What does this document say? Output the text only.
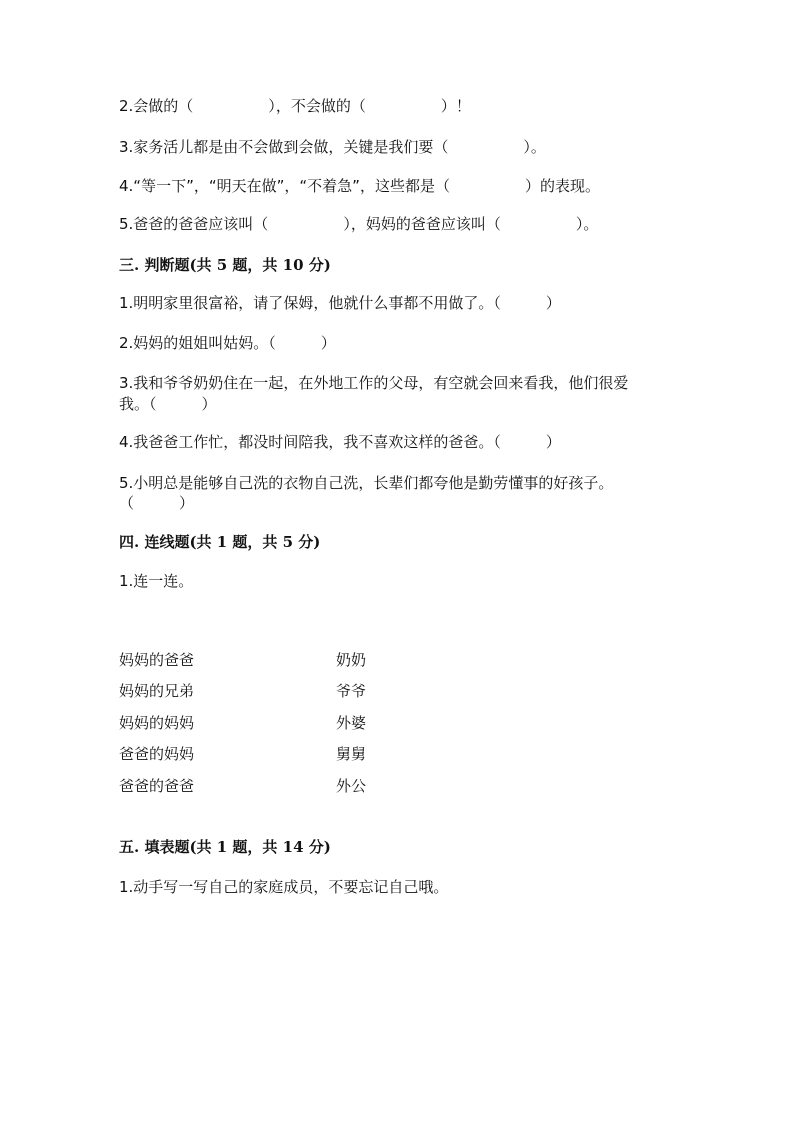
2.会做的（　　　　　），不会做的（　　　　　）！
3.家务活儿都是由不会做到会做，关键是我们要（　　　　　）。
4.“等一下”，“明天在做”，“不着急”，这些都是（　　　　　）的表现。
5.爸爸的爸爸应该叫（　　　　　），妈妈的爸爸应该叫（　　　　　）。
三. 判断题(共 5 题，共 10 分)
1.明明家里很富裕，请了保姆，他就什么事都不用做了。（　　　）
2.妈妈的姐姐叫姑妈。（　　　）
3.我和爷爷奶奶住在一起，在外地工作的父母，有空就会回来看我，他们很爱
我。（　　　）
4.我爸爸工作忙，都没时间陪我，我不喜欢这样的爸爸。（　　　）
5.小明总是能够自己洗的衣物自己洗，长辈们都夸他是勤劳懂事的好孩子。
（　　　）
四. 连线题(共 1 题，共 5 分)
1.连一连。
妈妈的爸爸
妈妈的兄弟
妈妈的妈妈
爸爸的妈妈
爸爸的爸爸
奶奶
爷爷
外婆
舅舅
外公
五. 填表题(共 1 题，共 14 分)
1.动手写一写自己的家庭成员，不要忘记自己哦。
